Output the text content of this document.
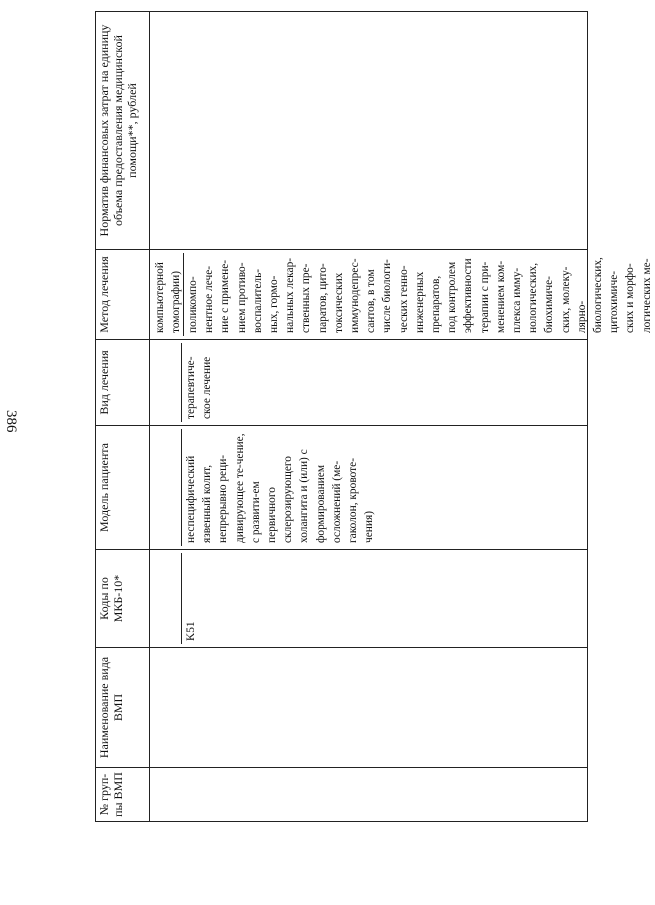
386
№ груп-пы ВМП	Наименование вида ВМП	Коды по МКБ-10*	Модель пациента	Вид лечения	Метод лечения	Норматив финансовых затрат на единицу объема предоставления медицинской помощи**, рублей

		K51	неспецифический язвенный колит, непрерывно реци-дивирующее те-чение, с развити-ем первичного склерозирующего холангита и (или) с формированием осложнений (ме-гаколон, кровоте-чения)	терапевтиче-ское лечение	компьютерной томографии) поликомпо-нентное лече-ние с примене-нием противо-воспалитель-ных, гормо-нальных лекар-ственных пре-паратов, цито-токсических иммунодепрес-сантов, в том числе биологи-ческих генно-инженерных препаратов, под контролем эффективности терапии с при-менением ком-плекса имму-нологических, биохимиче-ских, молеку-лярно-биологических, цитохимиче-ских и морфо-логических ме-	
